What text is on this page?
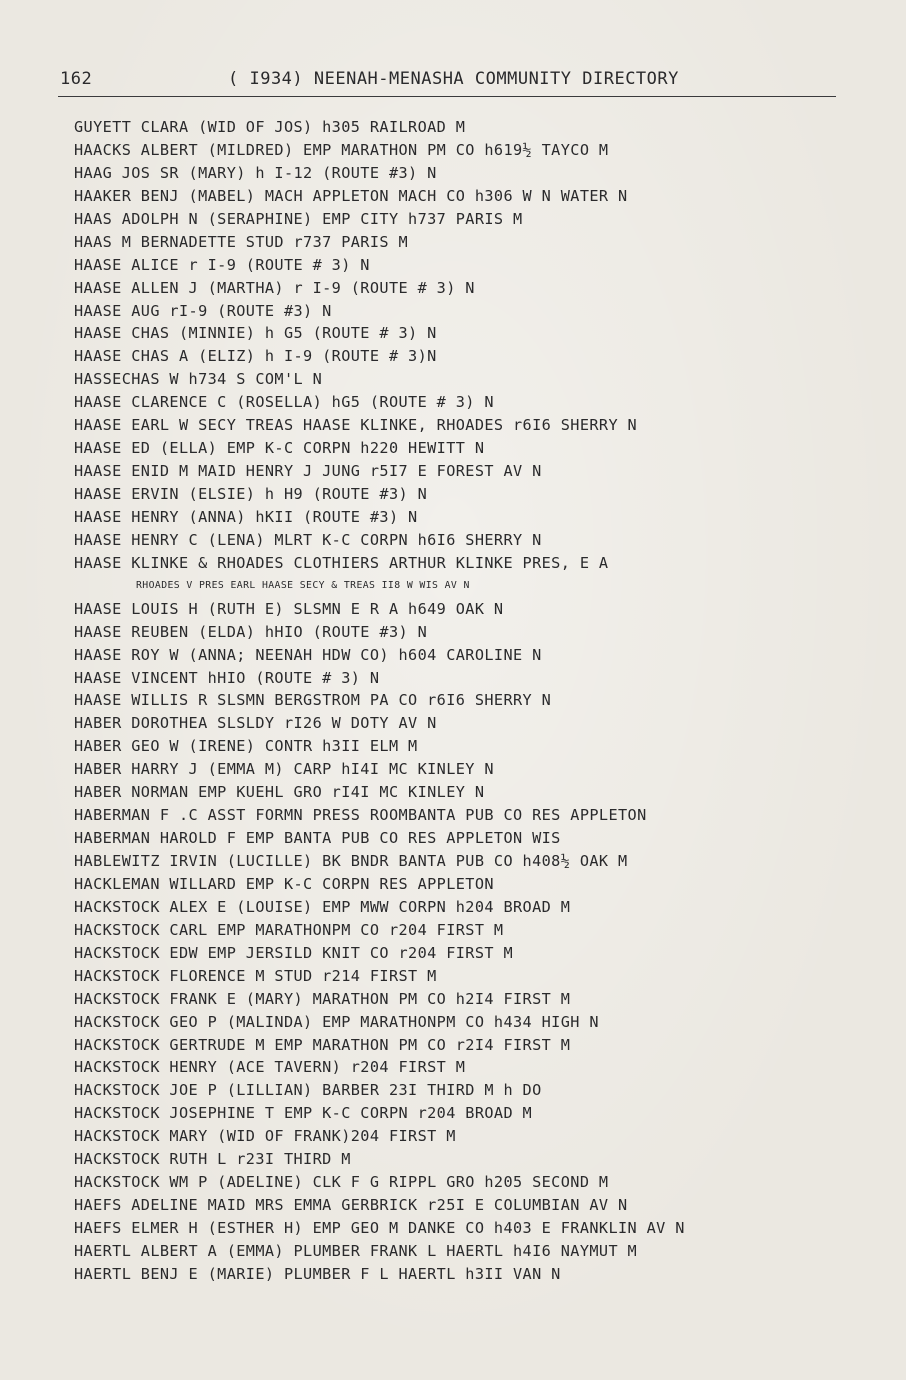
162	( I934) NEENAH-MENASHA COMMUNITY DIRECTORY
GUYETT CLARA (WID OF JOS) h305 RAILROAD M
HAACKS ALBERT (MILDRED) EMP MARATHON PM CO h619½ TAYCO M
HAAG JOS SR (MARY) h I-12 (ROUTE #3) N
HAAKER BENJ (MABEL) MACH APPLETON MACH CO h306 W N WATER N
HAAS ADOLPH N (SERAPHINE) EMP CITY h737 PARIS M
HAAS M BERNADETTE STUD r737 PARIS M
HAASE ALICE r I-9 (ROUTE # 3) N
HAASE ALLEN J (MARTHA) r I-9 (ROUTE # 3) N
HAASE AUG rI-9 (ROUTE #3) N
HAASE CHAS (MINNIE) h G5 (ROUTE # 3) N
HAASE CHAS A (ELIZ) h I-9 (ROUTE # 3)N
HASSECHAS W h734 S COM'L N
HAASE CLARENCE C (ROSELLA) hG5 (ROUTE # 3) N
HAASE EARL W SECY TREAS HAASE KLINKE, RHOADES r6I6 SHERRY N
HAASE ED (ELLA) EMP K-C CORPN h220 HEWITT N
HAASE ENID M MAID HENRY J JUNG r5I7 E FOREST AV N
HAASE ERVIN (ELSIE) h H9 (ROUTE #3) N
HAASE HENRY (ANNA) hKII (ROUTE #3) N
HAASE HENRY C (LENA) MLRT K-C CORPN h6I6 SHERRY N
HAASE KLINKE & RHOADES CLOTHIERS ARTHUR KLINKE PRES, E A
RHOADES V PRES EARL HAASE SECY & TREAS II8 W WIS AV N
HAASE LOUIS H (RUTH E) SLSMN E R A h649 OAK N
HAASE REUBEN (ELDA) hHIO (ROUTE #3) N
HAASE ROY W (ANNA; NEENAH HDW CO) h604 CAROLINE N
HAASE VINCENT hHIO (ROUTE # 3) N
HAASE WILLIS R SLSMN BERGSTROM PA CO r6I6 SHERRY N
HABER DOROTHEA SLSLDY rI26 W DOTY AV N
HABER GEO W (IRENE) CONTR h3II ELM M
HABER HARRY J (EMMA M) CARP hI4I MC KINLEY N
HABER NORMAN EMP KUEHL GRO rI4I MC KINLEY N
HABERMAN F .C ASST FORMN PRESS ROOMBANTA PUB CO RES APPLETON
HABERMAN HAROLD F EMP BANTA PUB CO RES APPLETON WIS
HABLEWITZ IRVIN (LUCILLE) BK BNDR BANTA PUB CO h408½ OAK M
HACKLEMAN WILLARD EMP K-C CORPN RES APPLETON
HACKSTOCK ALEX E (LOUISE) EMP MWW CORPN h204 BROAD M
HACKSTOCK CARL EMP MARATHONPM CO r204 FIRST M
HACKSTOCK EDW EMP JERSILD KNIT CO r204 FIRST M
HACKSTOCK FLORENCE M STUD r214 FIRST M
HACKSTOCK FRANK E (MARY) MARATHON PM CO h2I4 FIRST M
HACKSTOCK GEO P (MALINDA) EMP MARATHONPM CO h434 HIGH N
HACKSTOCK GERTRUDE M EMP MARATHON PM CO r2I4 FIRST M
HACKSTOCK HENRY (ACE TAVERN) r204 FIRST M
HACKSTOCK JOE P (LILLIAN) BARBER 23I THIRD M h DO
HACKSTOCK JOSEPHINE T EMP K-C CORPN r204 BROAD M
HACKSTOCK MARY (WID OF FRANK)204 FIRST M
HACKSTOCK RUTH L r23I THIRD M
HACKSTOCK WM P (ADELINE) CLK F G RIPPL GRO h205 SECOND M
HAEFS ADELINE MAID MRS EMMA GERBRICK r25I E COLUMBIAN AV N
HAEFS ELMER H (ESTHER H) EMP GEO M DANKE CO h403 E FRANKLIN AV N
HAERTL ALBERT A (EMMA) PLUMBER FRANK L HAERTL h4I6 NAYMUT M
HAERTL BENJ E (MARIE) PLUMBER F L HAERTL h3II VAN N
